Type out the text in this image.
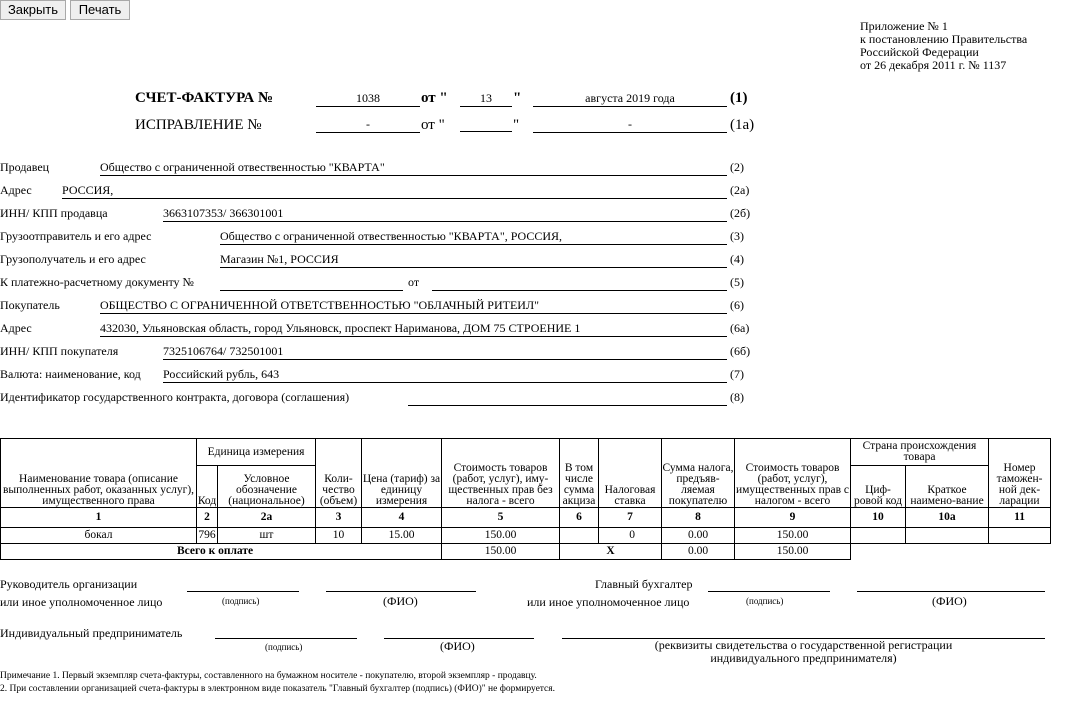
Закрыть	Печать
Приложение № 1
к постановлению Правительства
Российской Федерации
от 26 декабря 2011 г. № 1137
СЧЕТ-ФАКТУРА №	1038	от "	13	"	августа 2019 года	(1)
ИСПРАВЛЕНИЕ №	-	от "	"	-	(1а)
Продавец	Общество с ограниченной отвественностью "КВАРТА"	(2)
Адрес	РОССИЯ,	(2а)
ИНН/ КПП продавца	3663107353/ 366301001	(2б)
Грузоотправитель и его адрес	Общество с ограниченной отвественностью "КВАРТА", РОССИЯ,	(3)
Грузополучатель и его адрес	Магазин №1, РОССИЯ	(4)
К платежно-расчетному документу №	от	(5)
Покупатель	ОБЩЕСТВО С ОГРАНИЧЕННОЙ ОТВЕТСТВЕННОСТЬЮ "ОБЛАЧНЫЙ РИТЕИЛ"	(6)
Адрес	432030, Ульяновская область, город Ульяновск, проспект Нариманова, ДОМ 75 СТРОЕНИЕ 1	(6а)
ИНН/ КПП покупателя	7325106764/ 732501001	(6б)
Валюта: наименование, код Российский рубль, 643	(7)
Идентификатор государственного контракта, договора (соглашения)	(8)
Наименование товара (описание выполненных работ, оказанных услуг), имущественного права	Единица измерения		Коли-чество (объем)	Цена (тариф) за единицу измерения	Стоимость товаров (работ, услуг), иму-щественных прав без налога - всего	В том числе сумма акциза	Налоговая ставка	Сумма налога, предъяв-ляемая покупателю	Стоимость товаров (работ, услуг), имущественных прав с налогом - всего	Страна происхождения товара		Номер таможен-ной дек-ларации
	Код	Условное обозначение (национальное)								Циф-ровой код	Краткое наимено-вание	
1	2	2а	3	4	5	6	7	8	9	10	10а	11
бокал	796	шт	10	15.00	150.00		0	0.00	150.00			
Всего к оплате					150.00	X		0.00	150.00			
Руководитель организации
или иное уполномоченное лицо	(подпись)	(ФИО)
Главный бухгалтер
или иное уполномоченное лицо	(подпись)	(ФИО)
Индивидуальный предприниматель
(подпись)	(ФИО)	(реквизиты свидетельства о государственной регистрации индивидуального предпринимателя)
Примечание 1. Первый экземпляр счета-фактуры, составленного на бумажном носителе - покупателю, второй экземпляр - продавцу.
2. При составлении организацией счета-фактуры в электронном виде показатель "Главный бухгалтер (подпись) (ФИО)" не формируется.
